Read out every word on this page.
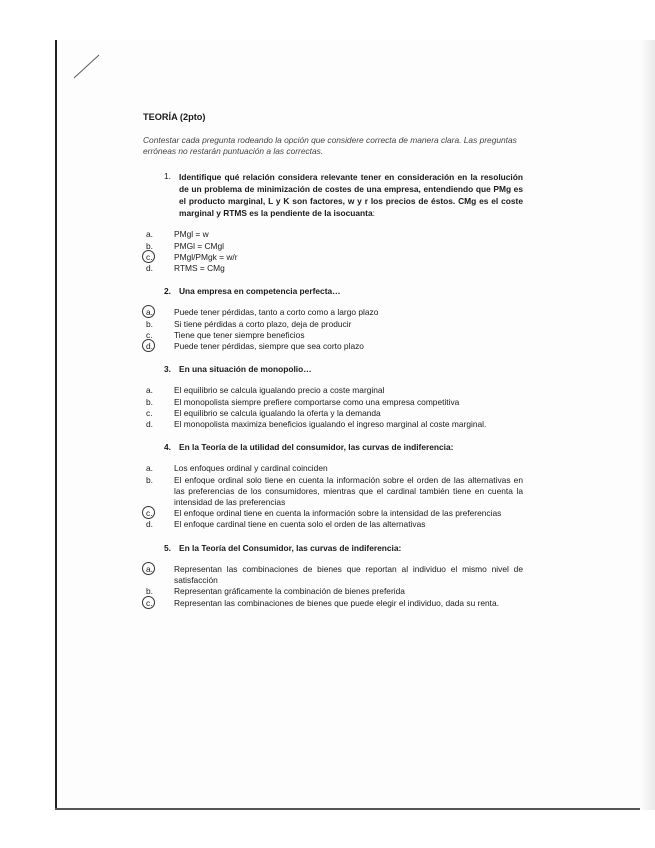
TEORÍA (2pto)
Contestar cada pregunta rodeando la opción que considere correcta de manera clara. Las preguntas erróneas no restarán puntuación a las correctas.
1. Identifique qué relación considera relevante tener en consideración en la resolución de un problema de minimización de costes de una empresa, entendiendo que PMg es el producto marginal, L y K son factores, w y r los precios de éstos. CMg es el coste marginal y RTMS es la pendiente de la isocuanta:
a.	PMgl = w
b.	PMGl = CMgl
c.	PMgl/PMgk = w/r
d.	RTMS = CMg
2. Una empresa en competencia perfecta…
a.	Puede tener pérdidas, tanto a corto como a largo plazo
b.	Si tiene pérdidas a corto plazo, deja de producir
c.	Tiene que tener siempre beneficios
d.	Puede tener pérdidas, siempre que sea corto plazo
3. En una situación de monopolio…
a.	El equilibrio se calcula igualando precio a coste marginal
b.	El monopolista siempre prefiere comportarse como una empresa competitiva
c.	El equilibrio se calcula igualando la oferta y la demanda
d.	El monopolista maximiza beneficios igualando el ingreso marginal al coste marginal.
4. En la Teoría de la utilidad del consumidor, las curvas de indiferencia:
a.	Los enfoques ordinal y cardinal coinciden
b.	El enfoque ordinal solo tiene en cuenta la información sobre el orden de las alternativas en las preferencias de los consumidores, mientras que el cardinal también tiene en cuenta la intensidad de las preferencias
c.	El enfoque ordinal tiene en cuenta la información sobre la intensidad de las preferencias
d.	El enfoque cardinal tiene en cuenta solo el orden de las alternativas
5. En la Teoría del Consumidor, las curvas de indiferencia:
a.	Representan las combinaciones de bienes que reportan al individuo el mismo nivel de satisfacción
b.	Representan gráficamente la combinación de bienes preferida
c.	Representan las combinaciones de bienes que puede elegir el individuo, dada su renta.
